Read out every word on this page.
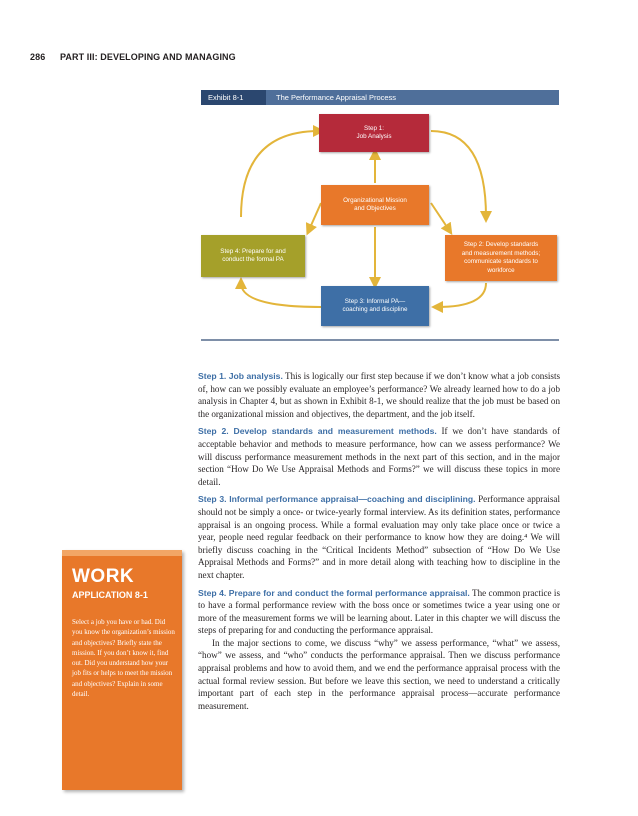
286 PART III: DEVELOPING AND MANAGING
Exhibit 8-1	The Performance Appraisal Process
Step 1:
Job Analysis
Organizational Mission
and Objectives
Step 2: Develop standards
and measurement methods;
communicate standards to
workforce
Step 3: Informal PA—
coaching and discipline
Step 4: Prepare for and
conduct the formal PA

Step 1. Job analysis. This is logically our first step because if we don’t know what a job consists of, how can we possibly evaluate an employee’s performance? We already learned how to do a job analysis in Chapter 4, but as shown in Exhibit 8-1, we should realize that the job must be based on the organizational mission and objectives, the department, and the job itself.

Step 2. Develop standards and measurement methods. If we don’t have standards of acceptable behavior and methods to measure performance, how can we assess performance? We will discuss performance measurement methods in the next part of this section, and in the major section “How Do We Use Appraisal Methods and Forms?” we will discuss these topics in more detail.

Step 3. Informal performance appraisal—coaching and disciplining. Performance appraisal should not be simply a once- or twice-yearly formal interview. As its definition states, performance appraisal is an ongoing process. While a formal evaluation may only take place once or twice a year, people need regular feedback on their performance to know how they are doing.⁴ We will briefly discuss coaching in the “Critical Incidents Method” subsection of “How Do We Use Appraisal Methods and Forms?” and in more detail along with teaching how to discipline in the next chapter.

Step 4. Prepare for and conduct the formal performance appraisal. The common practice is to have a formal performance review with the boss once or sometimes twice a year using one or more of the measurement forms we will be learning about. Later in this chapter we will discuss the steps of preparing for and conducting the performance appraisal.

In the major sections to come, we discuss “why” we assess performance, “what” we assess, “how” we assess, and “who” conducts the performance appraisal. Then we discuss performance appraisal problems and how to avoid them, and we end the performance appraisal process with the actual formal review session. But before we leave this section, we need to understand a critically important part of each step in the performance appraisal process—accurate performance measurement.

WORK
APPLICATION 8-1
Select a job you have or had. Did you know the organization’s mission and objectives? Briefly state the mission. If you don’t know it, find out. Did you understand how your job fits or helps to meet the mission and objectives? Explain in some detail.
